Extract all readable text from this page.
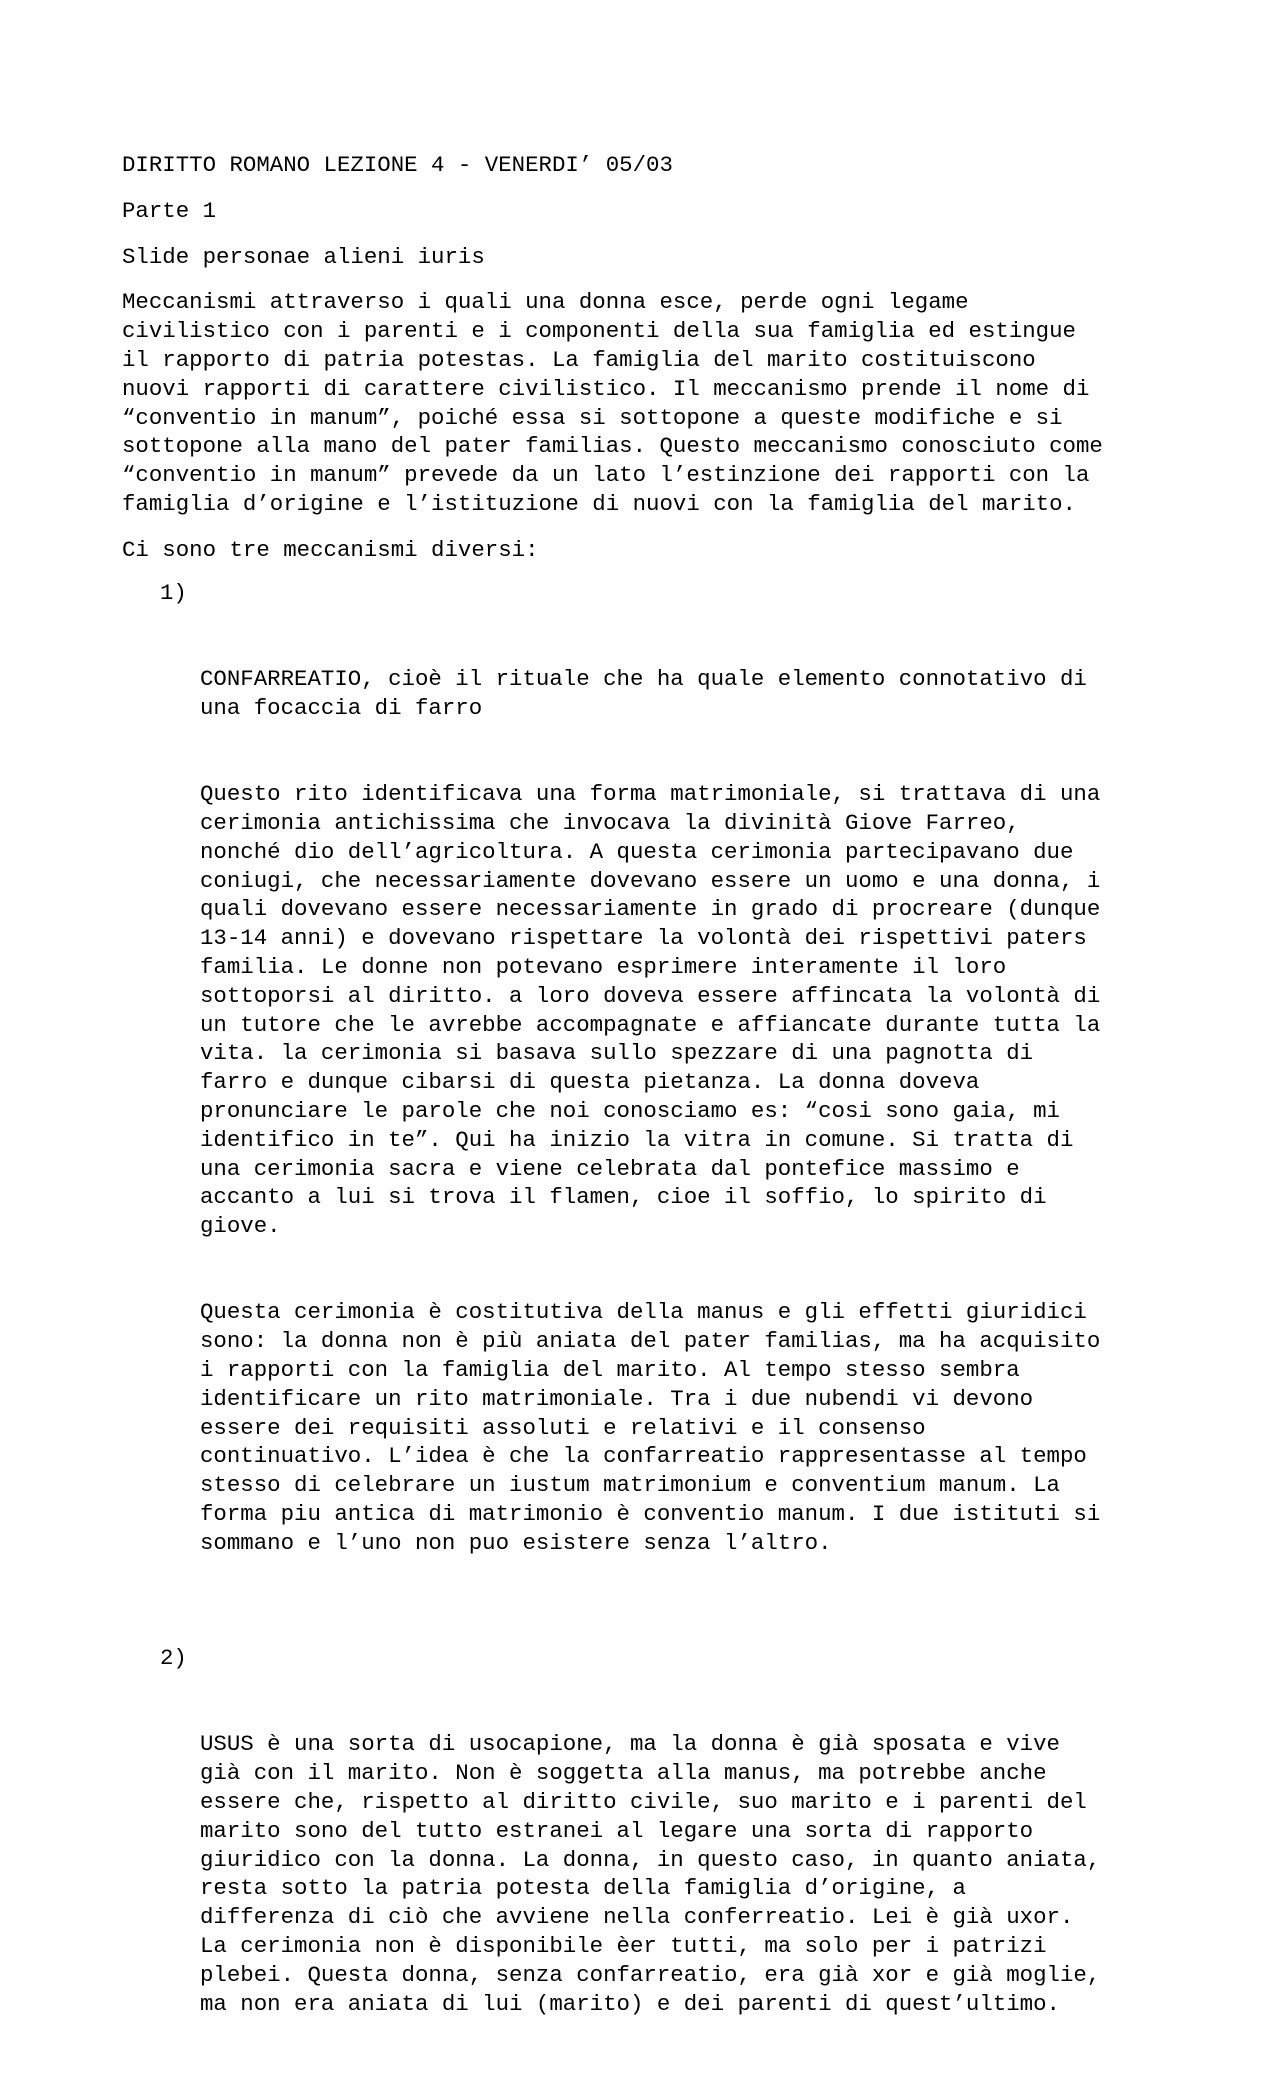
DIRITTO ROMANO LEZIONE 4 - VENERDI’ 05/03

Parte 1

Slide personae alieni iuris

Meccanismi attraverso i quali una donna esce, perde ogni legame
civilistico con i parenti e i componenti della sua famiglia ed estingue
il rapporto di patria potestas. La famiglia del marito costituiscono
nuovi rapporti di carattere civilistico. Il meccanismo prende il nome di
“conventio in manum”, poiché essa si sottopone a queste modifiche e si
sottopone alla mano del pater familias. Questo meccanismo conosciuto come
“conventio in manum” prevede da un lato l’estinzione dei rapporti con la
famiglia d’origine e l’istituzione di nuovi con la famiglia del marito.

Ci sono tre meccanismi diversi:

1)

CONFARREATIO, cioè il rituale che ha quale elemento connotativo di
una focaccia di farro

Questo rito identificava una forma matrimoniale, si trattava di una
cerimonia antichissima che invocava la divinità Giove Farreo,
nonché dio dell’agricoltura. A questa cerimonia partecipavano due
coniugi, che necessariamente dovevano essere un uomo e una donna, i
quali dovevano essere necessariamente in grado di procreare (dunque
13-14 anni) e dovevano rispettare la volontà dei rispettivi paters
familia. Le donne non potevano esprimere interamente il loro
sottoporsi al diritto. a loro doveva essere affincata la volontà di
un tutore che le avrebbe accompagnate e affiancate durante tutta la
vita. la cerimonia si basava sullo spezzare di una pagnotta di
farro e dunque cibarsi di questa pietanza. La donna doveva
pronunciare le parole che noi conosciamo es: “cosi sono gaia, mi
identifico in te”. Qui ha inizio la vitra in comune. Si tratta di
una cerimonia sacra e viene celebrata dal pontefice massimo e
accanto a lui si trova il flamen, cioe il soffio, lo spirito di
giove.

Questa cerimonia è costitutiva della manus e gli effetti giuridici
sono: la donna non è più aniata del pater familias, ma ha acquisito
i rapporti con la famiglia del marito. Al tempo stesso sembra
identificare un rito matrimoniale. Tra i due nubendi vi devono
essere dei requisiti assoluti e relativi e il consenso
continuativo. L’idea è che la confarreatio rappresentasse al tempo
stesso di celebrare un iustum matrimonium e conventium manum. La
forma piu antica di matrimonio è conventio manum. I due istituti si
sommano e l’uno non puo esistere senza l’altro.

2)

USUS è una sorta di usocapione, ma la donna è già sposata e vive
già con il marito. Non è soggetta alla manus, ma potrebbe anche
essere che, rispetto al diritto civile, suo marito e i parenti del
marito sono del tutto estranei al legare una sorta di rapporto
giuridico con la donna. La donna, in questo caso, in quanto aniata,
resta sotto la patria potesta della famiglia d’origine, a
differenza di ciò che avviene nella conferreatio. Lei è già uxor.
La cerimonia non è disponibile èer tutti, ma solo per i patrizi
plebei. Questa donna, senza confarreatio, era già xor e già moglie,
ma non era aniata di lui (marito) e dei parenti di quest’ultimo.
